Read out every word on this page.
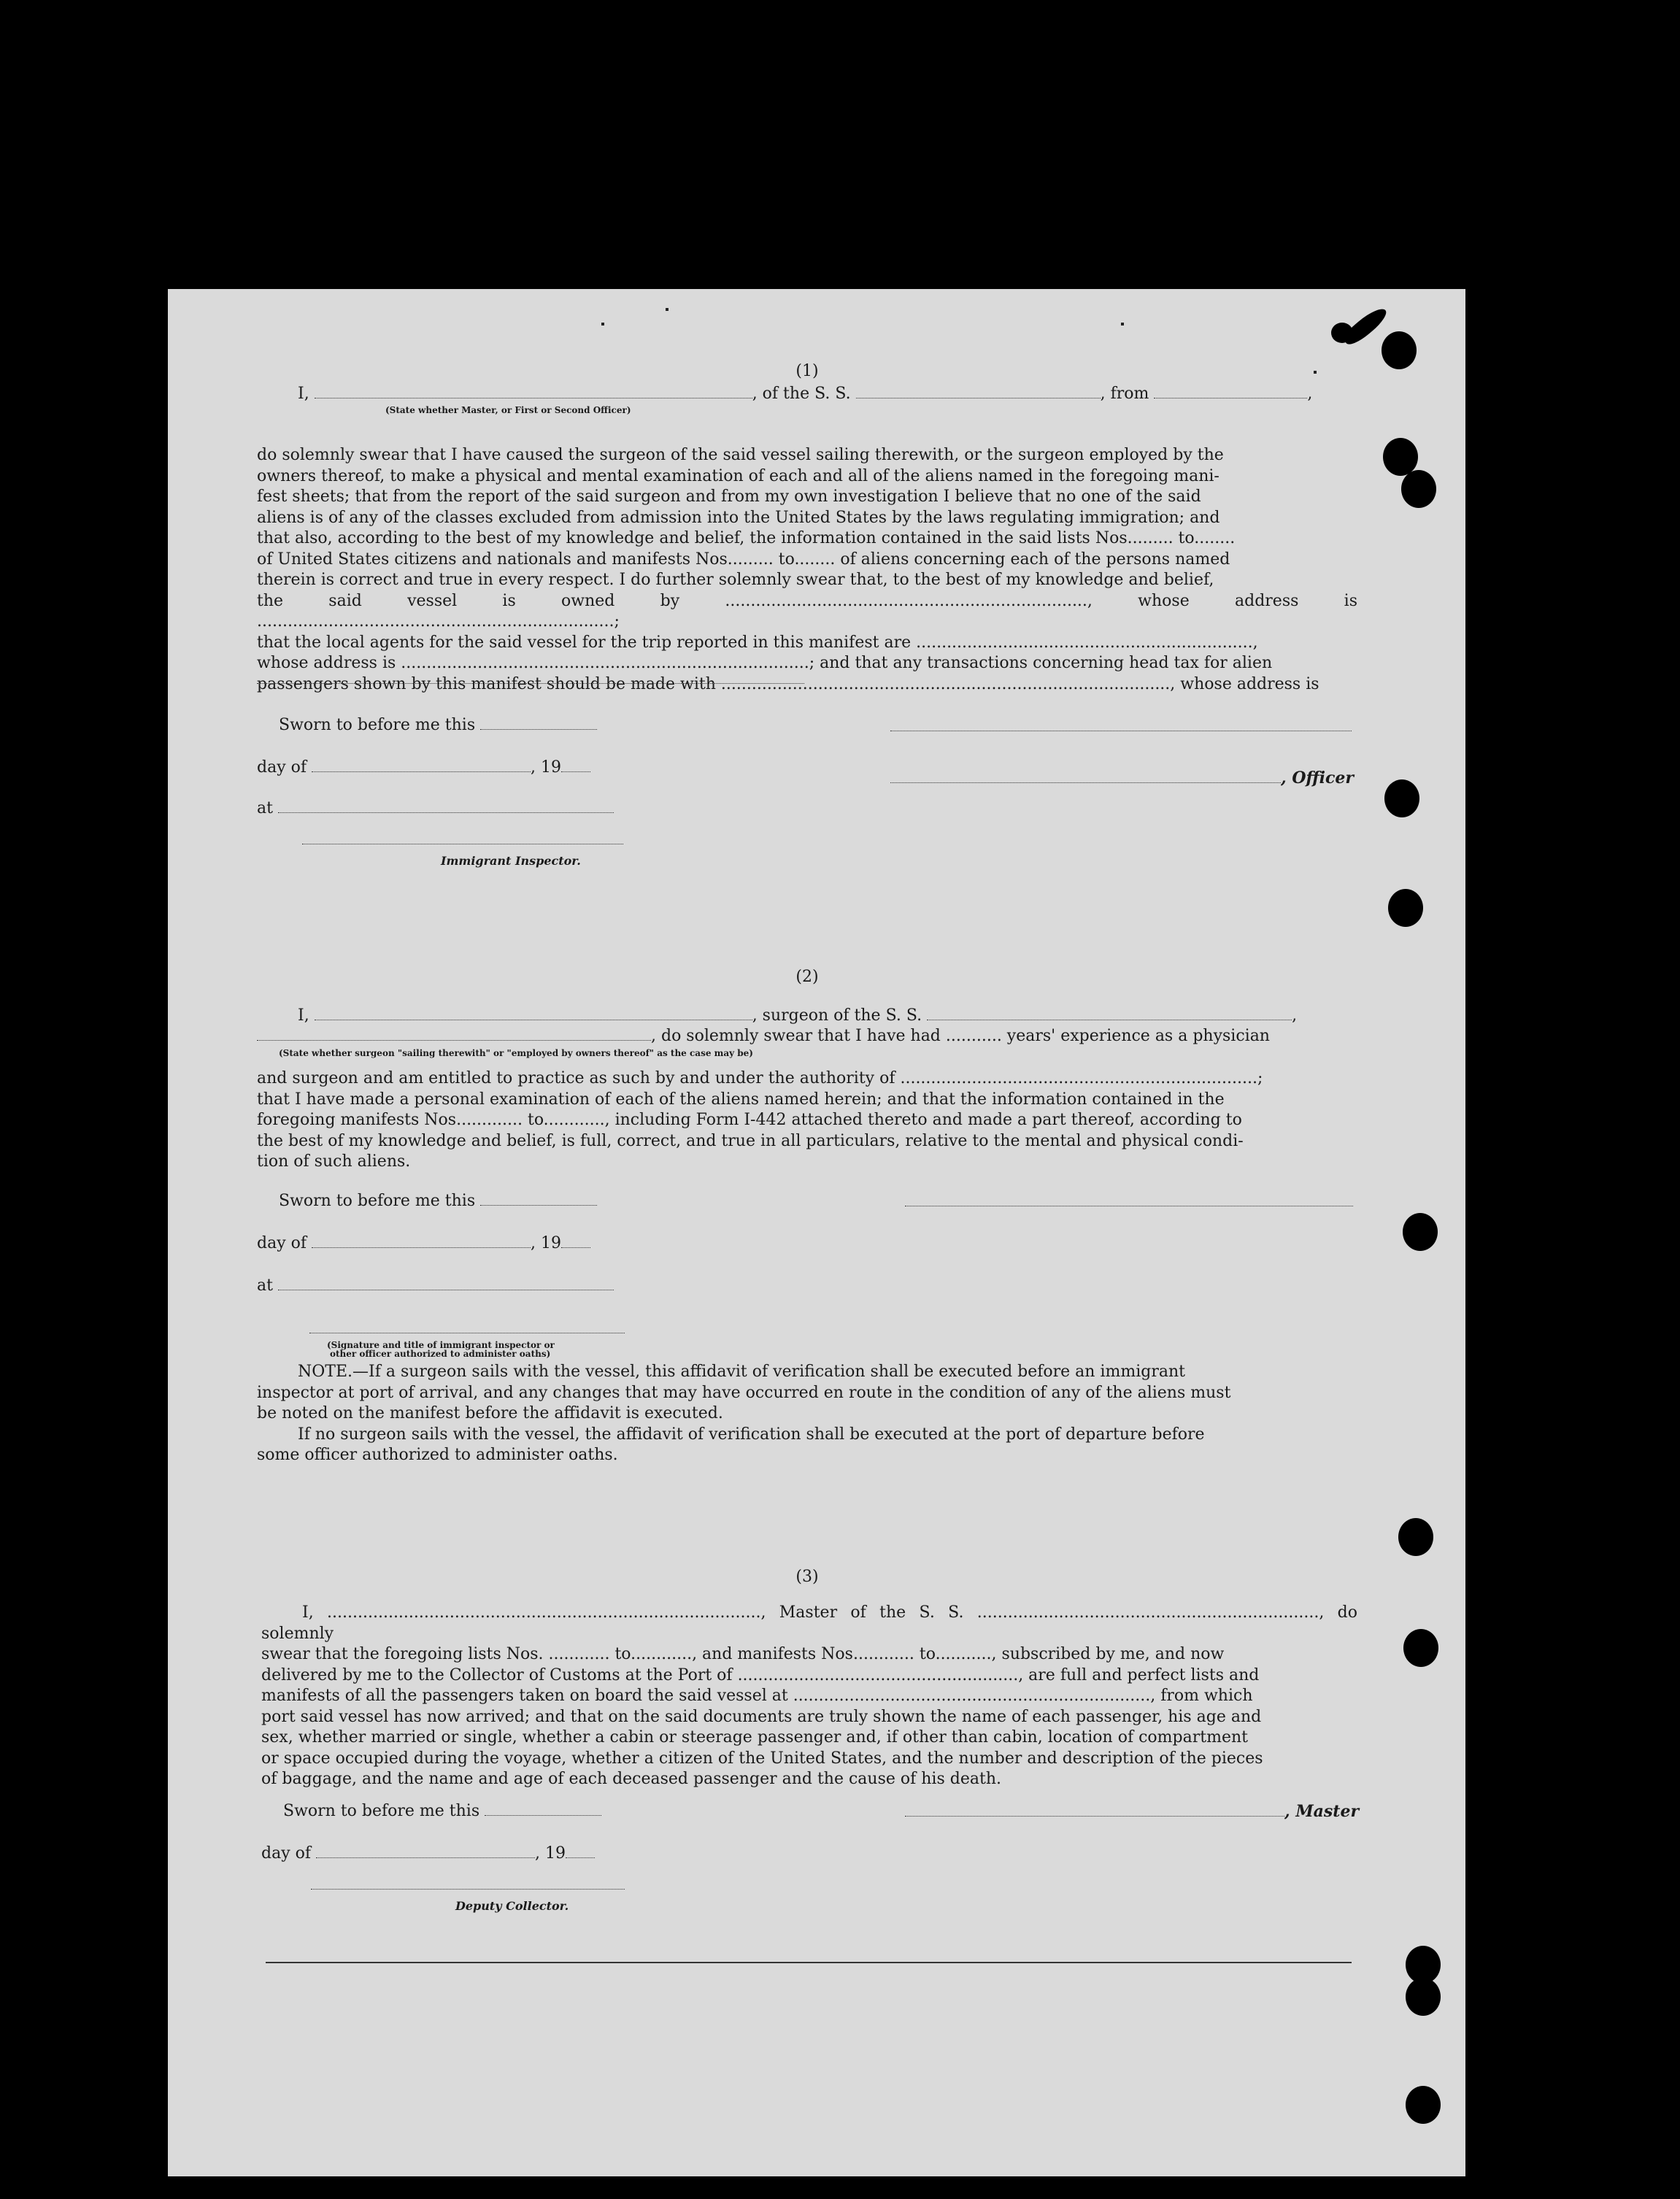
(1)
I,	, of the S. S.	, from	,
(State whether Master, or First or Second Officer)
do solemnly swear that I have caused the surgeon of the said vessel sailing therewith, or the surgeon employed by the
owners thereof, to make a physical and mental examination of each and all of the aliens named in the foregoing mani-
fest sheets; that from the report of the said surgeon and from my own investigation I believe that no one of the said
aliens is of any of the classes excluded from admission into the United States by the laws regulating immigration; and
that also, according to the best of my knowledge and belief, the information contained in the said lists Nos......... to........
of United States citizens and nationals and manifests Nos......... to........ of aliens concerning each of the persons named
therein is correct and true in every respect. I do further solemnly swear that, to the best of my knowledge and belief,
the said vessel is owned by ......................................................................., whose address is ......................................................................;
that the local agents for the said vessel for the trip reported in this manifest are ..................................................................,
whose address is ................................................................................; and that any transactions concerning head tax for alien
passengers shown by this manifest should be made with ........................................................................................, whose address is
Sworn to before me this
day of	, 19
, Officer
at
Immigrant Inspector.
(2)
I,	, surgeon of the S. S.	,
, do solemnly swear that I have had ........... years' experience as a physician
(State whether surgeon "sailing therewith" or "employed by owners thereof" as the case may be)
and surgeon and am entitled to practice as such by and under the authority of ......................................................................;
that I have made a personal examination of each of the aliens named herein; and that the information contained in the
foregoing manifests Nos............. to............, including Form I-442 attached thereto and made a part thereof, according to
the best of my knowledge and belief, is full, correct, and true in all particulars, relative to the mental and physical condi-
tion of such aliens.
Sworn to before me this
day of	, 19
at
(Signature and title of immigrant inspector or
other officer authorized to administer oaths)
NOTE.—If a surgeon sails with the vessel, this affidavit of verification shall be executed before an immigrant
inspector at port of arrival, and any changes that may have occurred en route in the condition of any of the aliens must
be noted on the manifest before the affidavit is executed.
If no surgeon sails with the vessel, the affidavit of verification shall be executed at the port of departure before
some officer authorized to administer oaths.
(3)
I, ....................................................................................., Master of the S. S. ..................................................................., do solemnly
swear that the foregoing lists Nos. ............ to............, and manifests Nos............ to..........., subscribed by me, and now
delivered by me to the Collector of Customs at the Port of ......................................................., are full and perfect lists and
manifests of all the passengers taken on board the said vessel at ......................................................................, from which
port said vessel has now arrived; and that on the said documents are truly shown the name of each passenger, his age and
sex, whether married or single, whether a cabin or steerage passenger and, if other than cabin, location of compartment
or space occupied during the voyage, whether a citizen of the United States, and the number and description of the pieces
of baggage, and the name and age of each deceased passenger and the cause of his death.
Sworn to before me this	, Master
day of	, 19
Deputy Collector.
